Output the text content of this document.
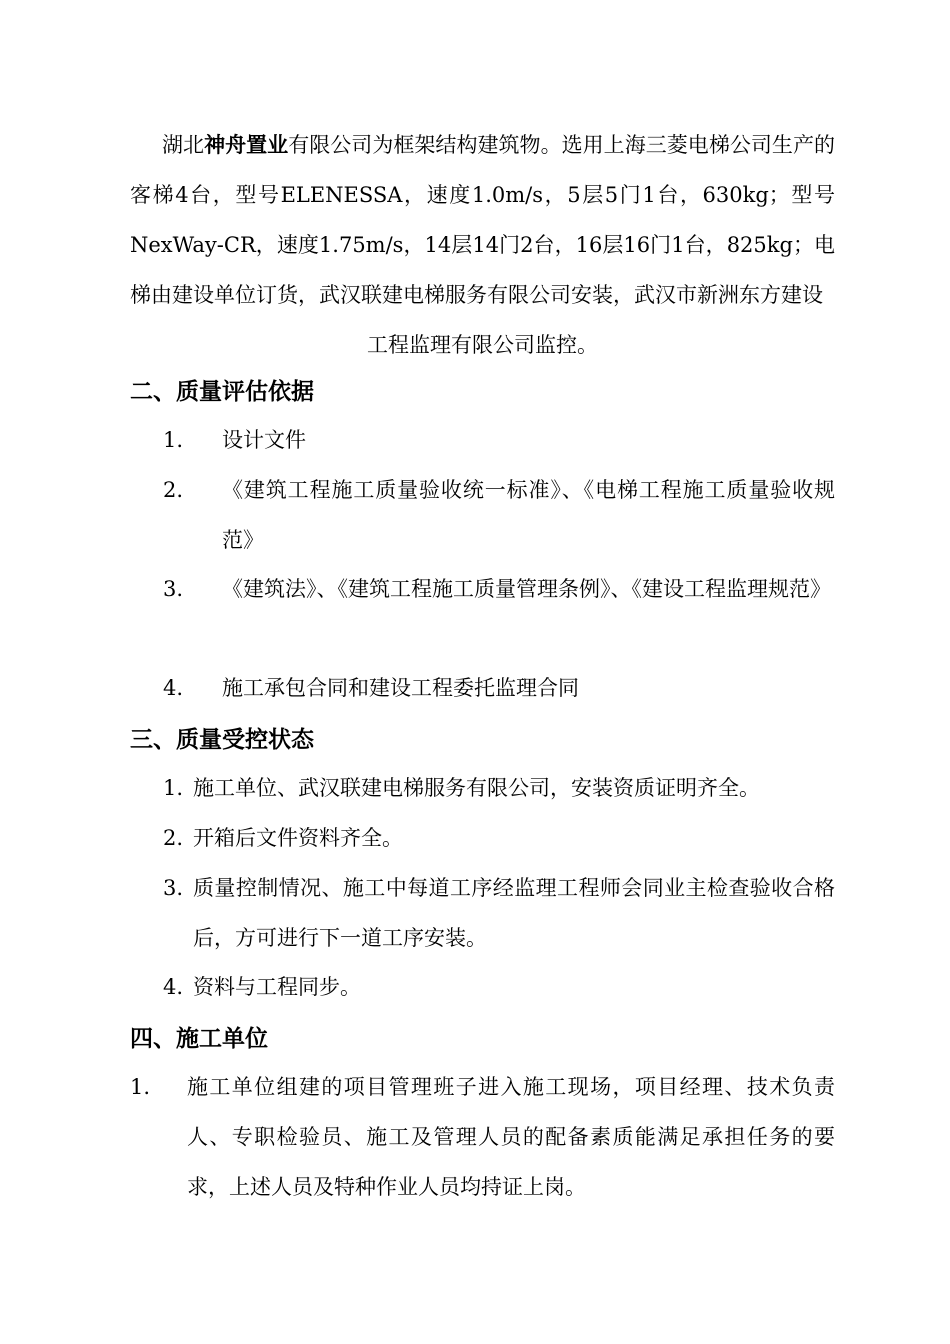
湖北神舟置业有限公司为框架结构建筑物。选用上海三菱电梯公司生产的客梯4台，型号ELENESSA，速度1.0m/s，5层5门1台，630kg；型号NexWay-CR，速度1.75m/s，14层14门2台，16层16门1台，825kg；电梯由建设单位订货，武汉联建电梯服务有限公司安装，武汉市新洲东方建设
工程监理有限公司监控。
二、质量评估依据
1. 设计文件
2. 《建筑工程施工质量验收统一标准》、《电梯工程施工质量验收规范》
3. 《建筑法》、《建筑工程施工质量管理条例》、《建设工程监理规范》
4. 施工承包合同和建设工程委托监理合同
三、质量受控状态
1. 施工单位、武汉联建电梯服务有限公司，安装资质证明齐全。
2. 开箱后文件资料齐全。
3. 质量控制情况、施工中每道工序经监理工程师会同业主检查验收合格后，方可进行下一道工序安装。
4. 资料与工程同步。
四、施工单位
1. 施工单位组建的项目管理班子进入施工现场，项目经理、技术负责人、专职检验员、施工及管理人员的配备素质能满足承担任务的要求，上述人员及特种作业人员均持证上岗。
